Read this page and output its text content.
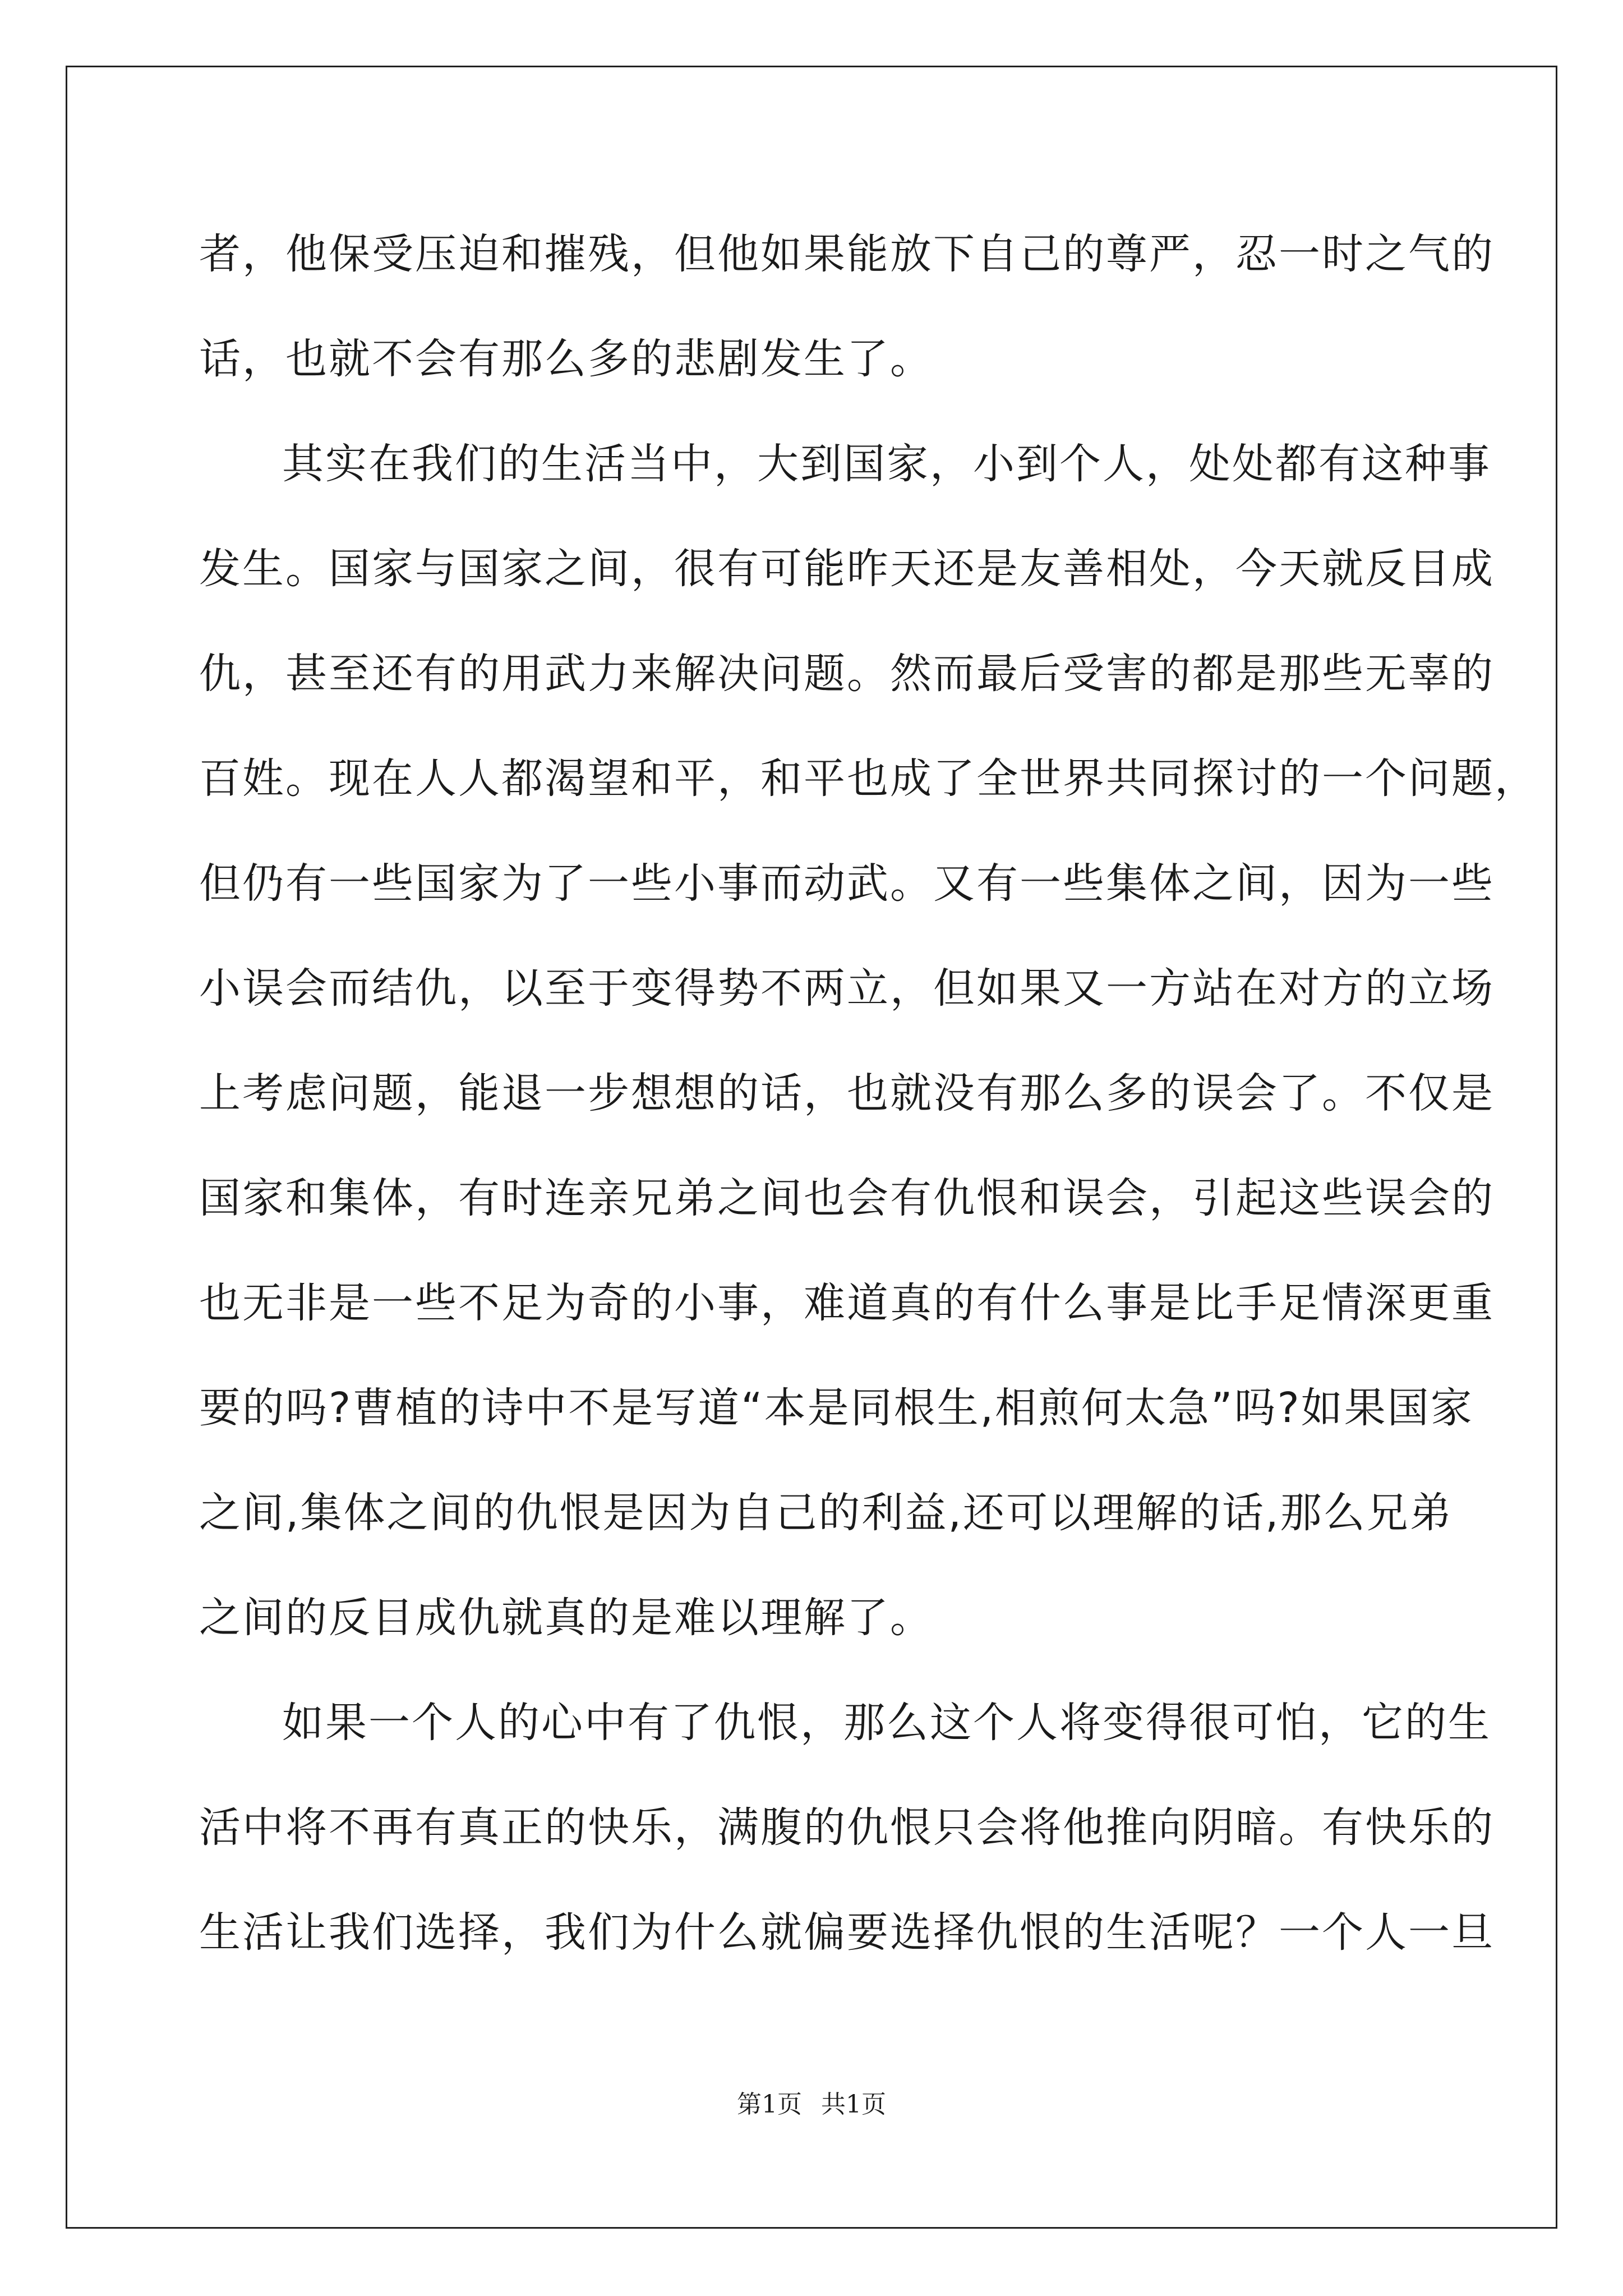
者，他保受压迫和摧残，但他如果能放下自己的尊严，忍一时之气的
话，也就不会有那么多的悲剧发生了。
其实在我们的生活当中，大到国家，小到个人，处处都有这种事
发生。国家与国家之间，很有可能昨天还是友善相处，今天就反目成
仇，甚至还有的用武力来解决问题。然而最后受害的都是那些无辜的
百姓。现在人人都渴望和平，和平也成了全世界共同探讨的一个问题，
但仍有一些国家为了一些小事而动武。又有一些集体之间，因为一些
小误会而结仇，以至于变得势不两立，但如果又一方站在对方的立场
上考虑问题，能退一步想想的话，也就没有那么多的误会了。不仅是
国家和集体，有时连亲兄弟之间也会有仇恨和误会，引起这些误会的
也无非是一些不足为奇的小事，难道真的有什么事是比手足情深更重
要的吗?曹植的诗中不是写道“本是同根生,相煎何太急”吗?如果国家
之间,集体之间的仇恨是因为自己的利益,还可以理解的话,那么兄弟
之间的反目成仇就真的是难以理解了。
如果一个人的心中有了仇恨，那么这个人将变得很可怕，它的生
活中将不再有真正的快乐，满腹的仇恨只会将他推向阴暗。有快乐的
生活让我们选择，我们为什么就偏要选择仇恨的生活呢？一个人一旦
第1页 共1页
